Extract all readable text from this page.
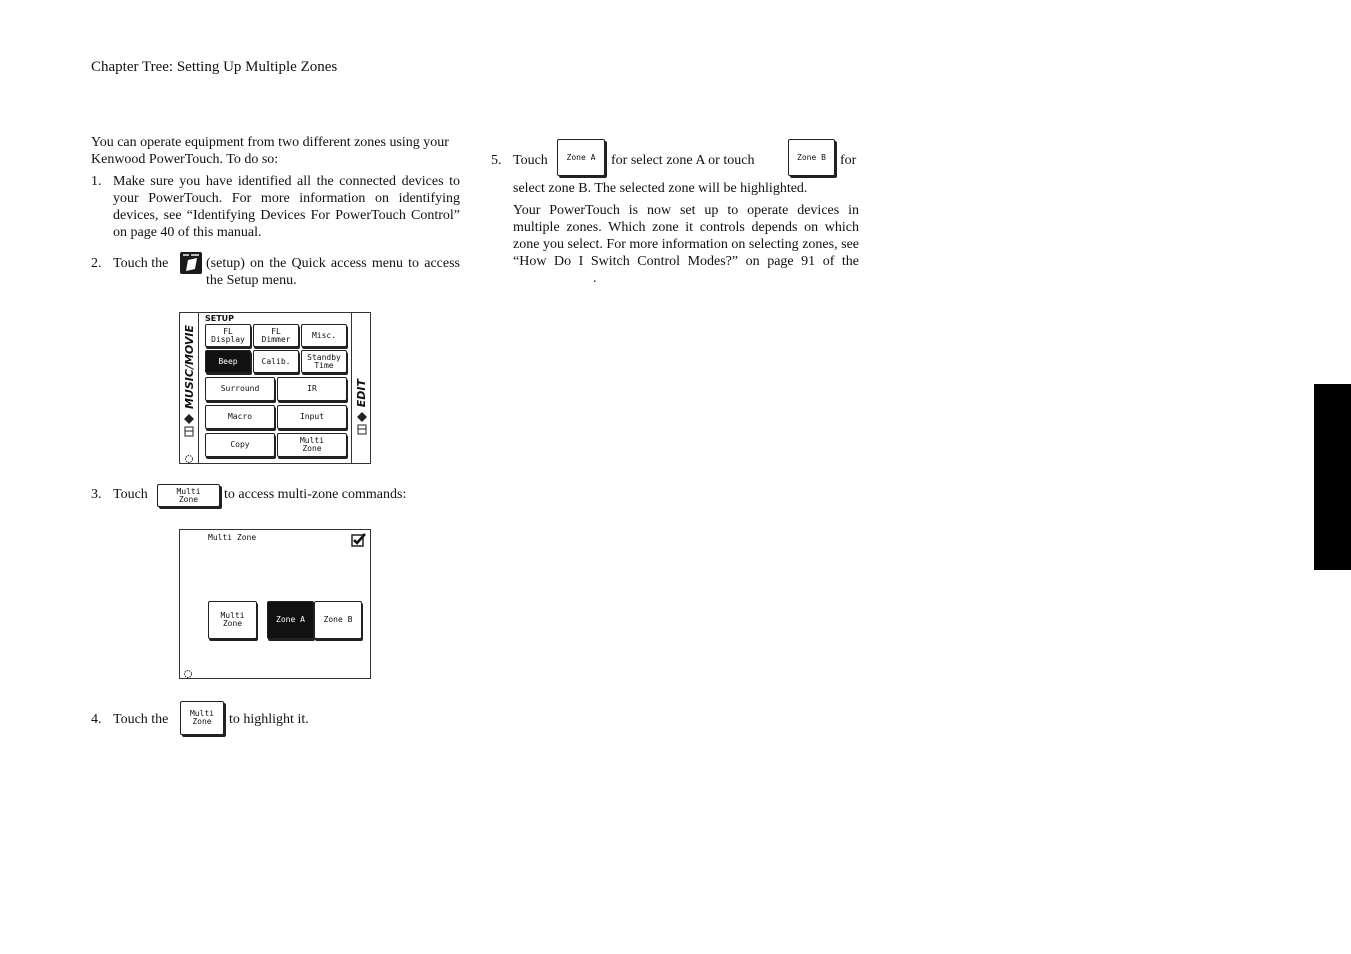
Chapter Tree: Setting Up Multiple Zones
You can operate equipment from two different zones using your Kenwood PowerTouch. To do so:
1. Make sure you have identified all the connected devices to your PowerTouch. For more information on identifying devices, see “Identifying Devices For PowerTouch Control” on page 40 of this manual.
2. Touch the	(setup) on the Quick access menu to access the Setup menu.
MUSIC/MOVIE	EDIT
SETUP
FL
Display
FL
Dimmer	Misc.
Beep	Calib.	Standby
Time
Surround	IR
Macro	Input
Copy	Multi
Zone
3. Touch	Multi
Zone	to access multi-zone commands:
Multi Zone
Multi
Zone	Zone A	Zone B
4. Touch the	Multi
Zone	to highlight it.
5. Touch	Zone A	for select zone A or touch	Zone B	for
select zone B. The selected zone will be highlighted.
Your PowerTouch is now set up to operate devices in multiple zones. Which zone it controls depends on which zone you select. For more information on selecting zones, see “How Do I Switch Control Modes?” on page 91 of the.
